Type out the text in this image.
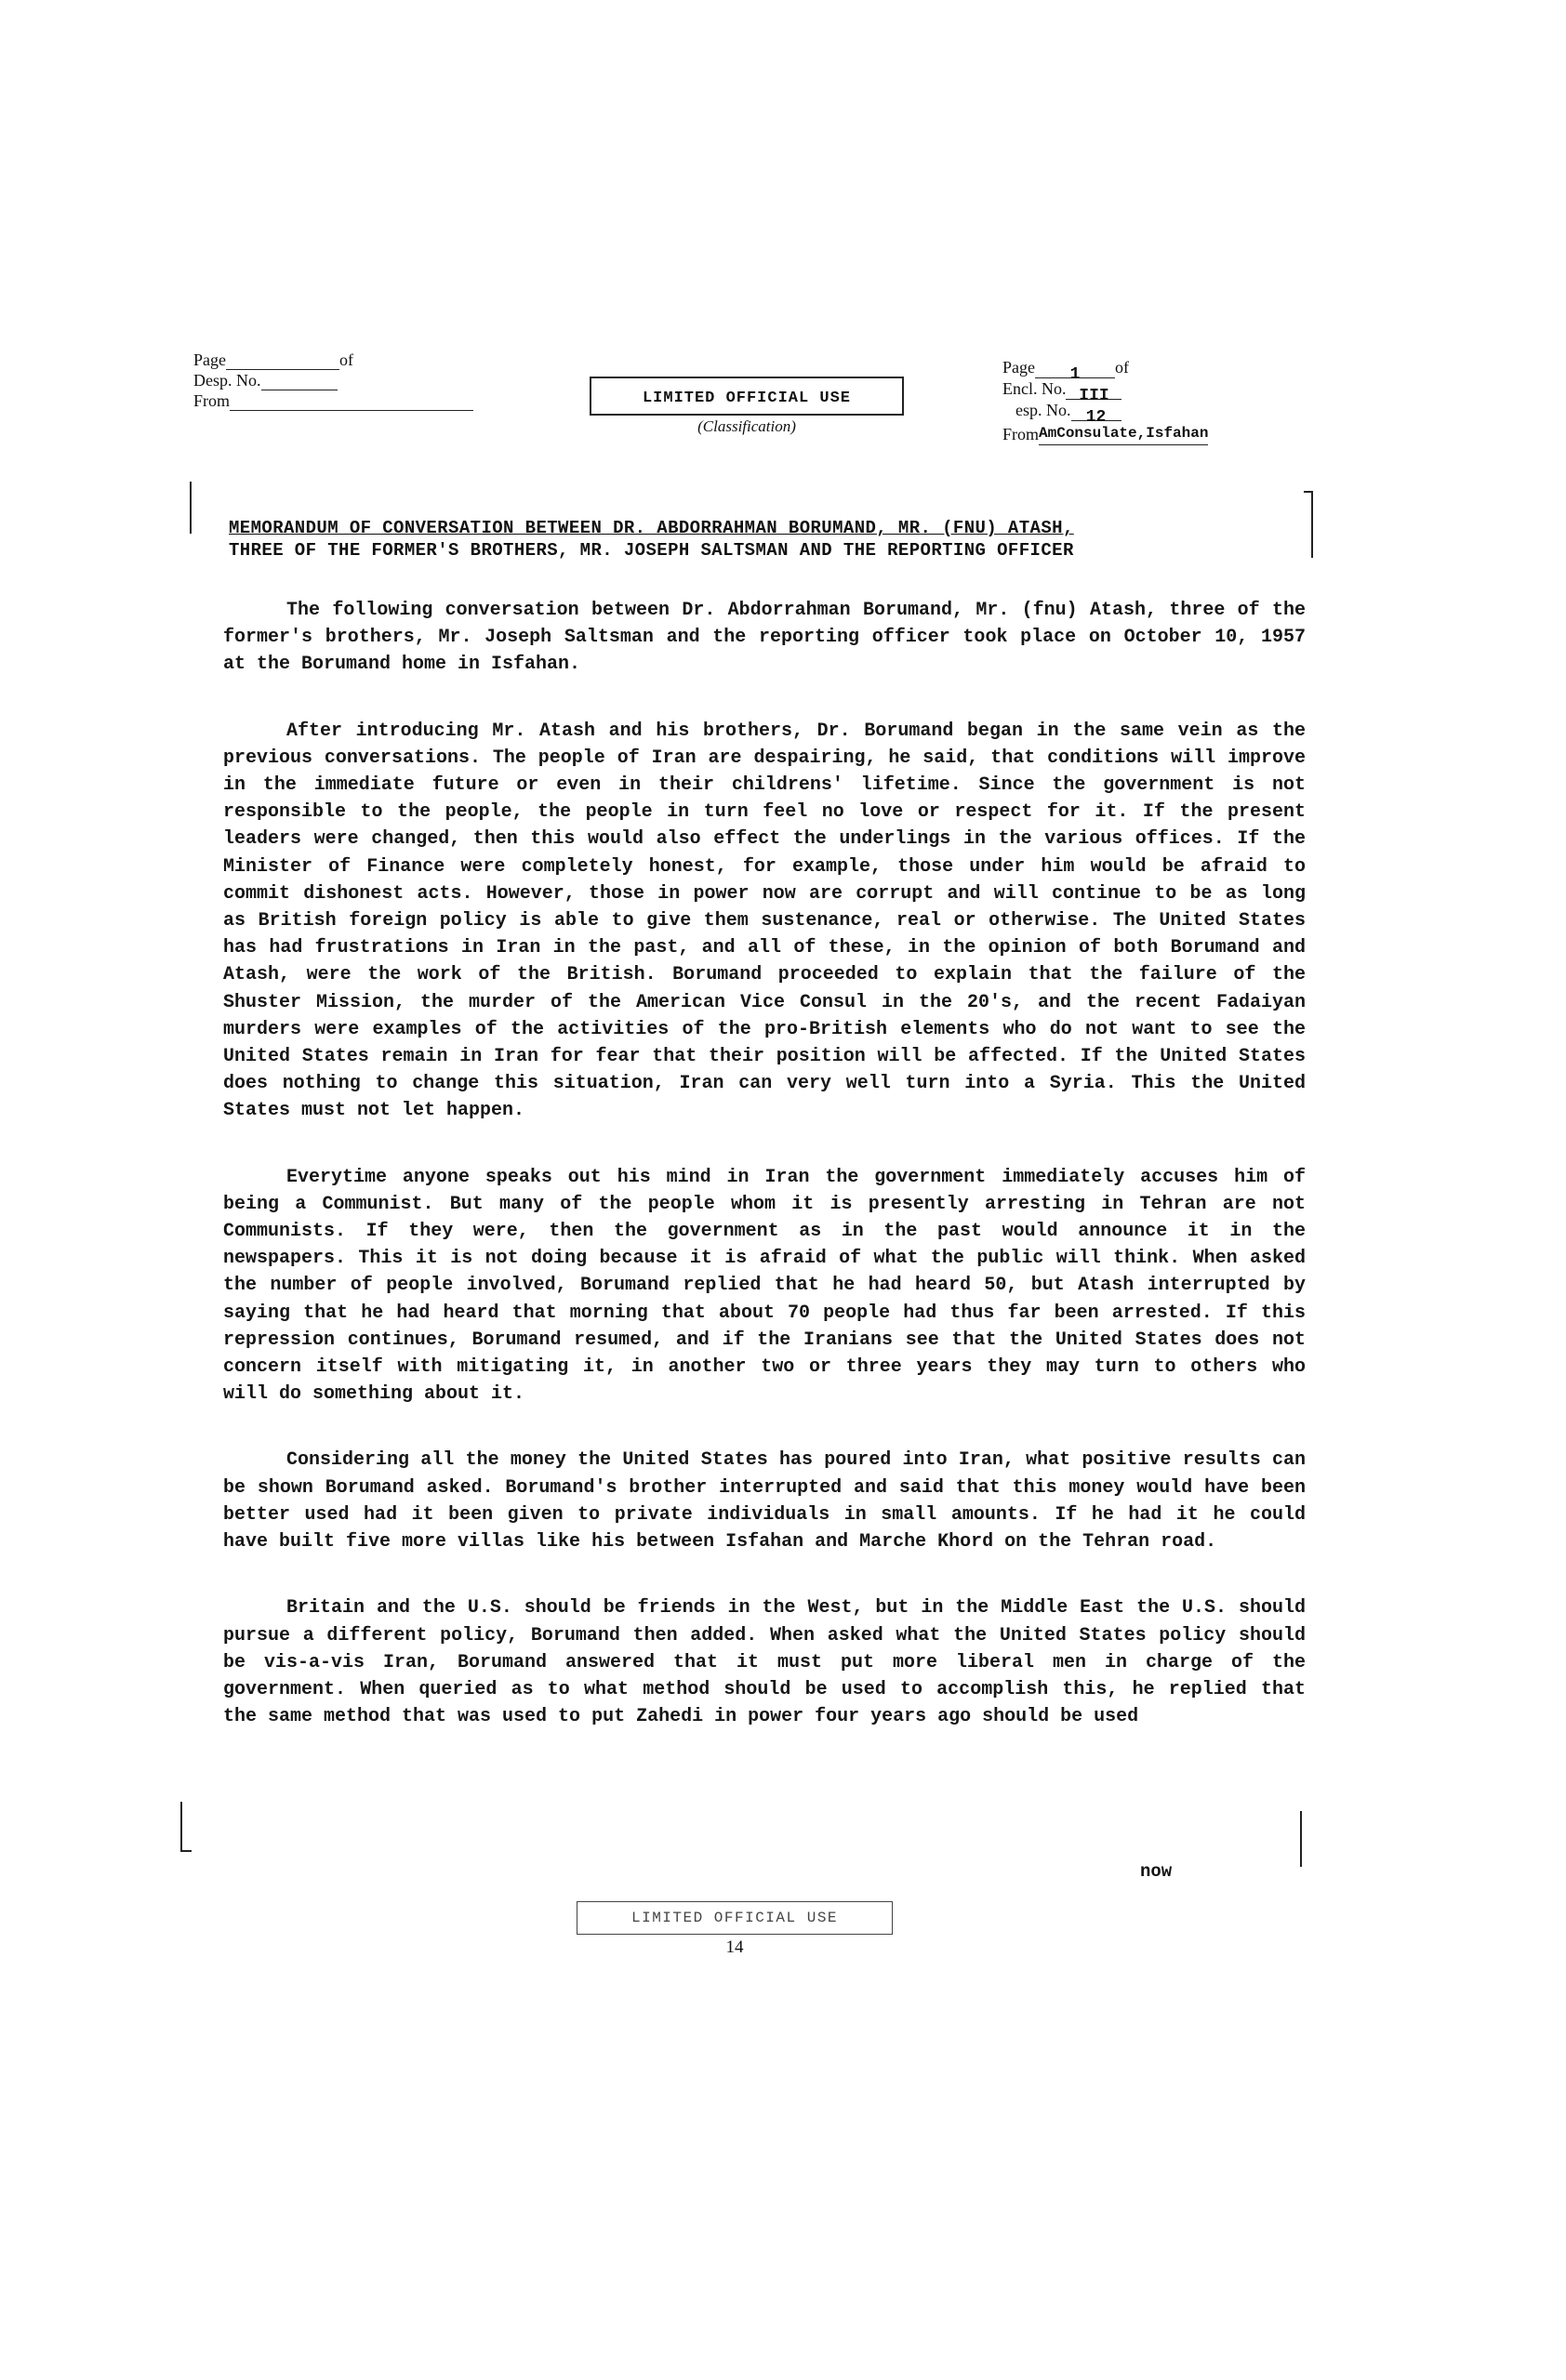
Page	of
Desp. No.
From	LIMITED OFFICIAL USE
(Classification)
Page	1	of
Encl. No. III
esp. No. 12
From AmConsulate,Isfahan
MEMORANDUM OF CONVERSATION BETWEEN DR. ABDORRAHMAN BORUMAND, MR. (FNU) ATASH,
THREE OF THE FORMER'S BROTHERS, MR. JOSEPH SALTSMAN AND THE REPORTING OFFICER

The following conversation between Dr. Abdorrahman Borumand, Mr. (fnu) Atash, three of the former's brothers, Mr. Joseph Saltsman and the reporting officer took place on October 10, 1957 at the Borumand home in Isfahan.

After introducing Mr. Atash and his brothers, Dr. Borumand began in the same vein as the previous conversations. The people of Iran are despairing, he said, that conditions will improve in the immediate future or even in their childrens' lifetime. Since the government is not responsible to the people, the people in turn feel no love or respect for it. If the present leaders were changed, then this would also effect the underlings in the various offices. If the Minister of Finance were completely honest, for example, those under him would be afraid to commit dishonest acts. However, those in power now are corrupt and will continue to be as long as British foreign policy is able to give them sustenance, real or otherwise. The United States has had frustrations in Iran in the past, and all of these, in the opinion of both Borumand and Atash, were the work of the British. Borumand proceeded to explain that the failure of the Shuster Mission, the murder of the American Vice Consul in the 20's, and the recent Fadaiyan murders were examples of the activities of the pro-British elements who do not want to see the United States remain in Iran for fear that their position will be affected. If the United States does nothing to change this situation, Iran can very well turn into a Syria. This the United States must not let happen.

Everytime anyone speaks out his mind in Iran the government immediately accuses him of being a Communist. But many of the people whom it is presently arresting in Tehran are not Communists. If they were, then the government as in the past would announce it in the newspapers. This it is not doing because it is afraid of what the public will think. When asked the number of people involved, Borumand replied that he had heard 50, but Atash interrupted by saying that he had heard that morning that about 70 people had thus far been arrested. If this repression continues, Borumand resumed, and if the Iranians see that the United States does not concern itself with mitigating it, in another two or three years they may turn to others who will do something about it.

Considering all the money the United States has poured into Iran, what positive results can be shown Borumand asked. Borumand's brother interrupted and said that this money would have been better used had it been given to private individuals in small amounts. If he had it he could have built five more villas like his between Isfahan and Marche Khord on the Tehran road.

Britain and the U.S. should be friends in the West, but in the Middle East the U.S. should pursue a different policy, Borumand then added. When asked what the United States policy should be vis-a-vis Iran, Borumand answered that it must put more liberal men in charge of the government. When queried as to what method should be used to accomplish this, he replied that the same method that was used to put Zahedi in power four years ago should be used

now
LIMITED OFFICIAL USE
14
